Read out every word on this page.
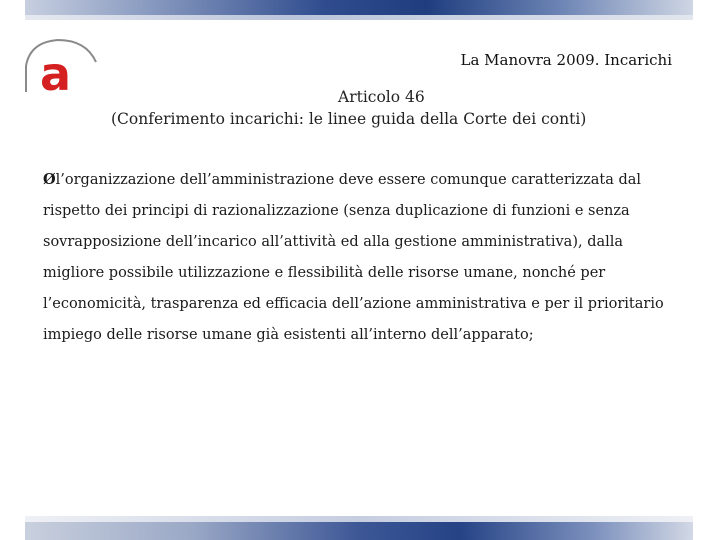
a	La Manovra 2009. Incarichi
Articolo 46
(Conferimento incarichi: le linee guida della Corte dei conti)
Øl’organizzazione dell’amministrazione deve essere comunque caratterizzata dal rispetto dei principi di razionalizzazione (senza duplicazione di funzioni e senza sovrapposizione dell’incarico all’attività ed alla gestione amministrativa), dalla migliore possibile utilizzazione e flessibilità delle risorse umane, nonché per l’economicità, trasparenza ed efficacia dell’azione amministrativa e per il prioritario impiego delle risorse umane già esistenti all’interno dell’apparato;
